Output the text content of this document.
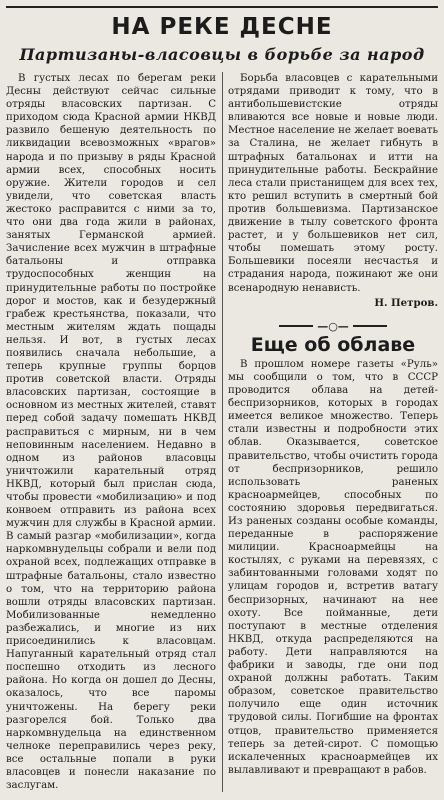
НА РЕКЕ ДЕСНЕ
Партизаны-власовцы в борьбе за народ

В густых лесах по берегам реки Десны действуют сейчас сильные отряды власовских партизан. С приходом сюда Красной армии НКВД развило бешеную деятельность по ликвидации всевозможных «врагов» народа и по призыву в ряды Красной армии всех, способных носить оружие. Жители городов и сел увидели, что советская власть жестоко расправится с ними за то, что они два года жили в районах, занятых Германской армией. Зачисление всех мужчин в штрафные батальоны и отправка трудоспособных женщин на принудительные работы по постройке дорог и мостов, как и безудержный грабеж крестьянства, показали, что местным жителям ждать пощады нельзя. И вот, в густых лесах появились сначала небольшие, а теперь крупные группы борцов против советской власти. Отряды власовских партизан, состоящие в основном из местных жителей, ставят перед собой задачу помешать НКВД расправиться с мирным, ни в чем неповинным населением. Недавно в одном из районов власовцы уничтожили карательный отряд НКВД, который был прислан сюда, чтобы провести «мобилизацию» и под конвоем отправить из района всех мужчин для службы в Красной армии. В самый разгар «мобилизации», когда наркомвнудельцы собрали и вели под охраной всех, подлежащих отправке в штрафные батальоны, стало известно о том, что на территорию района вошли отряды власовских партизан. Мобилизованные немедленно разбежались, и многие из них присоединились к власовцам. Напуганный карательный отряд стал поспешно отходить из лесного района. Но когда он дошел до Десны, оказалось, что все паромы уничтожены. На берегу реки разгорелся бой. Только два наркомвнудельца на единственном челноке переправились через реку, все остальные попали в руки власовцев и понесли наказание по заслугам.

Борьба власовцев с карательными отрядами приводит к тому, что в антибольшевистские отряды вливаются все новые и новые люди. Местное население не желает воевать за Сталина, не желает гибнуть в штрафных батальонах и итти на принудительные работы. Бескрайние леса стали пристанищем для всех тех, кто решил вступить в смертный бой против большевизма. Партизанское движение в тылу советского фронта растет, и у большевиков нет сил, чтобы помешать этому росту. Большевики посеяли несчастья и страдания народа, пожинают же они всенародную ненависть.

Н. Петров.
—○—
Еще об облаве

В прошлом номере газеты «Руль» мы сообщили о том, что в СССР проводится облава на детей-беспризорников, которых в городах имеется великое множество. Теперь стали известны и подробности этих облав. Оказывается, советское правительство, чтобы очистить города от беспризорников, решило использовать раненых красноармейцев, способных по состоянию здоровья передвигаться. Из раненых созданы особые команды, переданные в распоряжение милиции. Красноармейцы на костылях, с руками на перевязях, с забинтованными головами ходят по улицам городов и, встретив ватагу беспризорных, начинают на нее охоту. Все пойманные, дети поступают в местные отделения НКВД, откуда распределяются на работу. Дети направляются на фабрики и заводы, где они под охраной должны работать. Таким образом, советское правительство получило еще один источник трудовой силы. Погибшие на фронтах отцов, правительство применяется теперь за детей-сирот. С помощью искалеченных красноармейцев их вылавливают и превращают в рабов.
